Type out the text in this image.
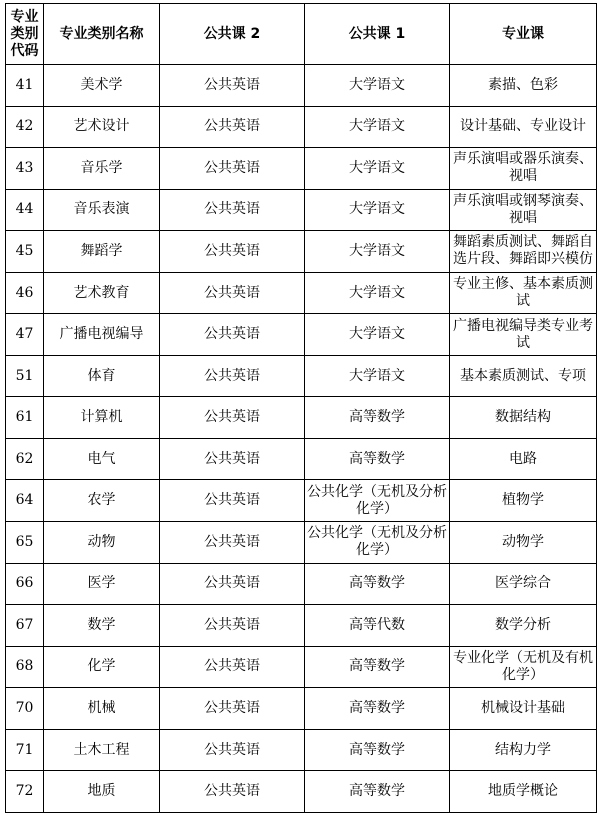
专业类别代码	专业类别名称	公共课 2	公共课 1	专业课
41	美术学	公共英语	大学语文	素描、色彩
42	艺术设计	公共英语	大学语文	设计基础、专业设计
43	音乐学	公共英语	大学语文	声乐演唱或器乐演奏、视唱
44	音乐表演	公共英语	大学语文	声乐演唱或钢琴演奏、视唱
45	舞蹈学	公共英语	大学语文	舞蹈素质测试、舞蹈自选片段、舞蹈即兴模仿
46	艺术教育	公共英语	大学语文	专业主修、基本素质测试
47	广播电视编导	公共英语	大学语文	广播电视编导类专业考试
51	体育	公共英语	大学语文	基本素质测试、专项
61	计算机	公共英语	高等数学	数据结构
62	电气	公共英语	高等数学	电路
64	农学	公共英语	公共化学（无机及分析化学）	植物学
65	动物	公共英语	公共化学（无机及分析化学）	动物学
66	医学	公共英语	高等数学	医学综合
67	数学	公共英语	高等代数	数学分析
68	化学	公共英语	高等数学	专业化学（无机及有机化学）
70	机械	公共英语	高等数学	机械设计基础
71	土木工程	公共英语	高等数学	结构力学
72	地质	公共英语	高等数学	地质学概论
